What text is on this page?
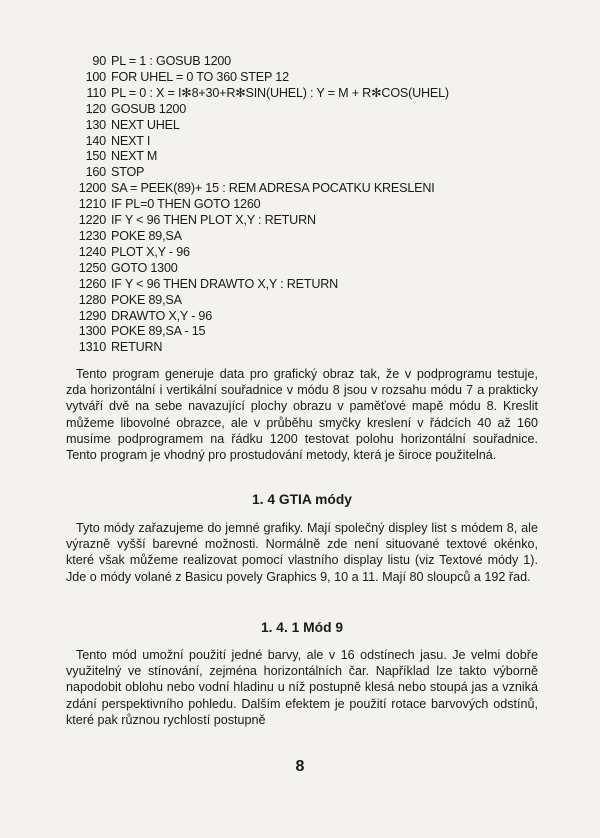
90 PL = 1 : GOSUB 1200
100 FOR UHEL = 0 TO 360 STEP 12
110 PL = 0 : X = I✻8+30+R✻SIN(UHEL) : Y = M + R✻COS(UHEL)
120 GOSUB 1200
130 NEXT UHEL
140 NEXT I
150 NEXT M
160 STOP
1200 SA = PEEK(89)+ 15 : REM ADRESA POCATKU KRESLENI
1210 IF PL=0 THEN GOTO 1260
1220 IF Y < 96 THEN PLOT X,Y : RETURN
1230 POKE 89,SA
1240 PLOT X,Y - 96
1250 GOTO 1300
1260 IF Y < 96 THEN DRAWTO X,Y : RETURN
1280 POKE 89,SA
1290 DRAWTO X,Y - 96
1300 POKE 89,SA - 15
1310 RETURN

Tento program generuje data pro grafický obraz tak, že v podprogramu testuje, zda horizontální i vertikální souřadnice v módu 8 jsou v rozsahu módu 7 a prakticky vytváří dvě na sebe navazující plochy obrazu v paměťové mapě módu 8. Kreslit můžeme libovolné obrazce, ale v průběhu smyčky kreslení v řádcích 40 až 160 musíme podprogramem na řádku 1200 testovat polohu horizontální souřadnice. Tento program je vhodný pro prostudování metody, která je široce použitelná.

1. 4 GTIA módy

Tyto módy zařazujeme do jemné grafiky. Mají společný displey list s módem 8, ale výrazně vyšší barevné možnosti. Normálně zde není situované textové okénko, které však můžeme realizovat pomocí vlastního display listu (viz Textové módy 1). Jde o módy volané z Basicu povely Graphics 9, 10 a 11. Mají 80 sloupců a 192 řad.

1. 4. 1 Mód 9

Tento mód umožní použití jedné barvy, ale v 16 odstínech jasu. Je velmi dobře využitelný ve stínování, zejména horizontálních čar. Například lze takto výborně napodobit oblohu nebo vodní hladinu u níž postupně klesá nebo stoupá jas a vzniká zdání perspektivního pohledu. Dalším efektem je použití rotace barvových odstínů, které pak různou rychlostí postupně

8
